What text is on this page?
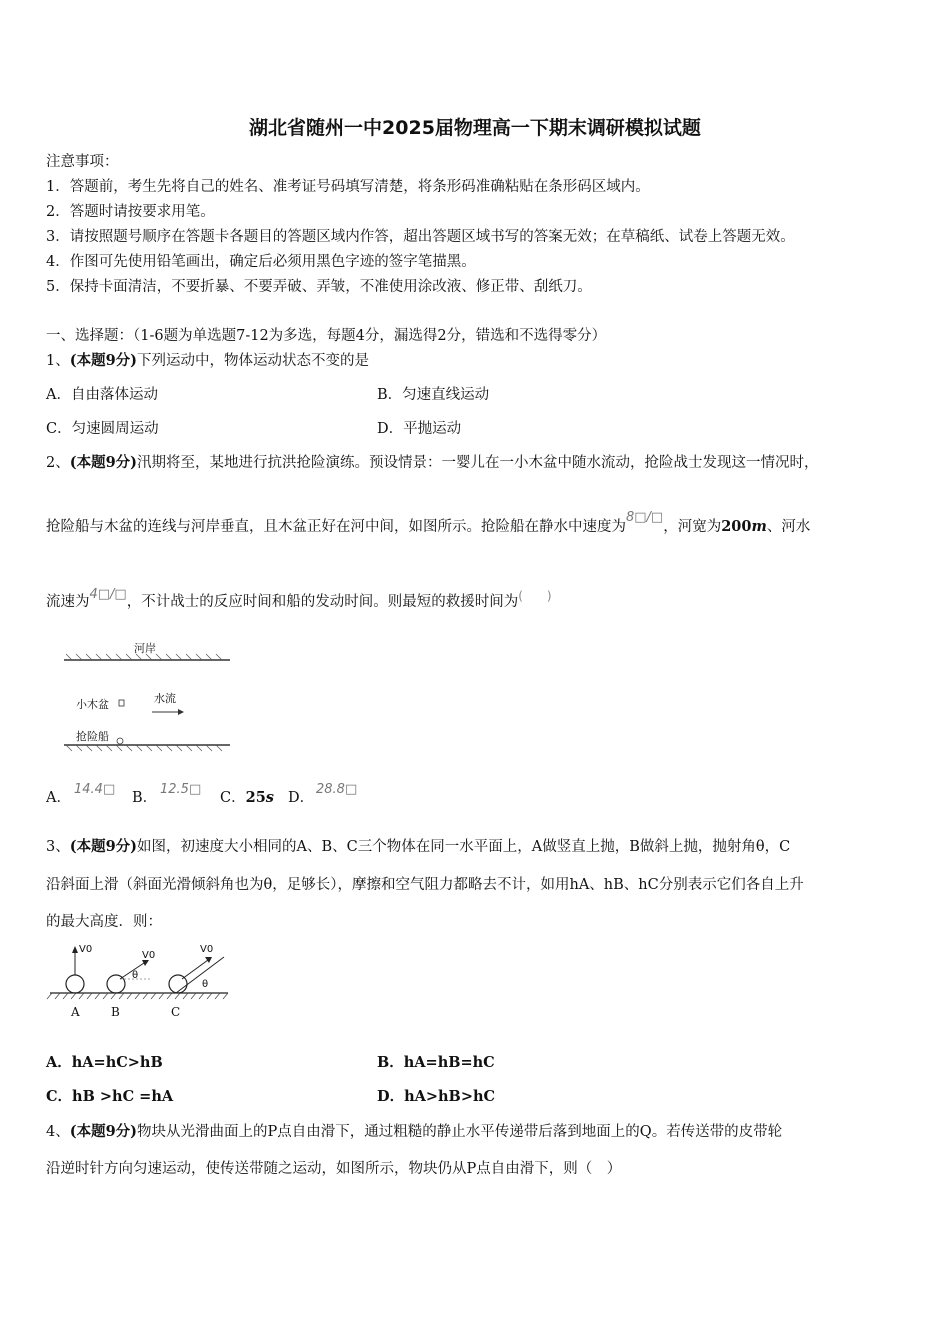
湖北省随州一中2025届物理高一下期末调研模拟试题
注意事项：
1．答题前，考生先将自己的姓名、准考证号码填写清楚，将条形码准确粘贴在条形码区域内。
2．答题时请按要求用笔。
3．请按照题号顺序在答题卡各题目的答题区域内作答，超出答题区域书写的答案无效；在草稿纸、试卷上答题无效。
4．作图可先使用铅笔画出，确定后必须用黑色字迹的签字笔描黑。
5．保持卡面清洁，不要折暴、不要弄破、弄皱，不准使用涂改液、修正带、刮纸刀。
一、选择题：（1-6题为单选题7-12为多选，每题4分，漏选得2分，错选和不选得零分）
1、(本题9分)下列运动中，物体运动状态不变的是
A．自由落体运动	B．匀速直线运动
C．匀速圆周运动	D．平抛运动
2、(本题9分)汛期将至，某地进行抗洪抢险演练。预设情景：一婴儿在一小木盆中随水流动，抢险战士发现这一情况时，
抢险船与木盆的连线与河岸垂直，且木盆正好在河中间，如图所示。抢险船在静水中速度为8□/□，河宽为200m、河水
流速为4□/□，不计战士的反应时间和船的发动时间。则最短的救援时间为(　　)
河岸
小木盆	水流
抢险船
A．
14.4□
B．
12.5□
C．25s D．
28.8□
3、(本题9分)如图，初速度大小相同的A、B、C三个物体在同一水平面上，A做竖直上抛，B做斜上抛，抛射角θ，C
沿斜面上滑（斜面光滑倾斜角也为θ，足够长），摩擦和空气阻力都略去不计，如用hA、hB、hC分别表示它们各自上升
的最大高度．则：
V0
V0
θ
V0
θ
A	B	C
A．hA=hC>hB	B．hA=hB=hC
C．hB >hC =hA	D．hA>hB>hC
4、(本题9分)物块从光滑曲面上的P点自由滑下，通过粗糙的静止水平传递带后落到地面上的Q。若传送带的皮带轮
沿逆时针方向匀速运动，使传送带随之运动，如图所示，物块仍从P点自由滑下，则（　）
